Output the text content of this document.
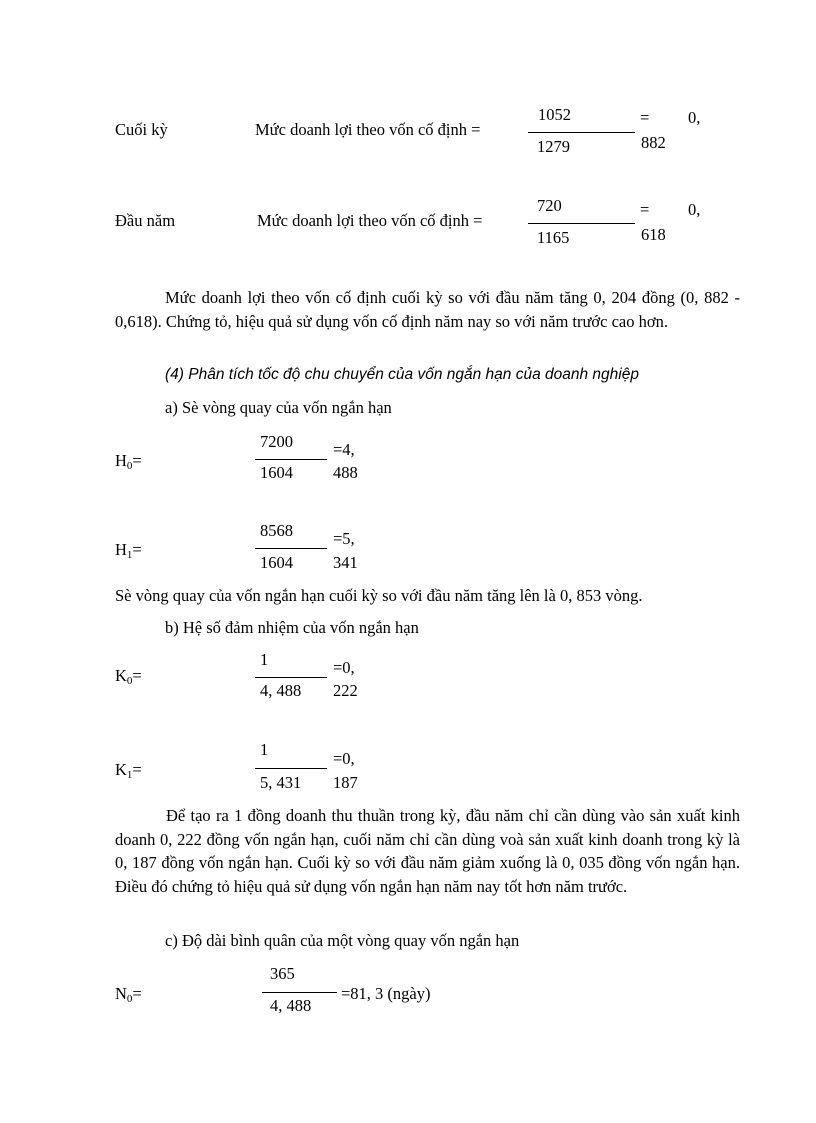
Cuối kỳ	Mức doanh lợi theo vốn cố định =
1052
1279
= 0,
882
Đầu năm	Mức doanh lợi theo vốn cố định =
720
1165
= 0,
618
Mức doanh lợi theo vốn cố định cuối kỳ so với đầu năm tăng 0, 204 đồng (0, 882 - 0,618). Chứng tỏ, hiệu quả sử dụng vốn cố định năm nay so với năm trước cao hơn.
(4) Phân tích tốc độ chu chuyển của vốn ngắn hạn của doanh nghiệp
a) Sè vòng quay của vốn ngắn hạn
$H_0=$
7200
1604
=4,
488
$H_1=$
8568
1604
=5,
341
Sè vòng quay của vốn ngắn hạn cuối kỳ so với đầu năm tăng lên là 0, 853 vòng.
b) Hệ số đảm nhiệm của vốn ngắn hạn
$K_0=$
1
4, 488
=0,
222
$K_1=$
1
5, 431
=0,
187
Để tạo ra 1 đồng doanh thu thuần trong kỳ, đầu năm chỉ cần dùng vào sản xuất kinh doanh 0, 222 đồng vốn ngắn hạn, cuối năm chỉ cần dùng voà sản xuất kinh doanh trong kỳ là 0, 187 đồng vốn ngắn hạn. Cuối kỳ so với đầu năm giảm xuống là 0, 035 đồng vốn ngắn hạn. Điều đó chứng tỏ hiệu quả sử dụng vốn ngắn hạn năm nay tốt hơn năm trước.
c) Độ dài bình quân của một vòng quay vốn ngắn hạn
$N_0=$
365
4, 488
=81, 3 (ngày)
